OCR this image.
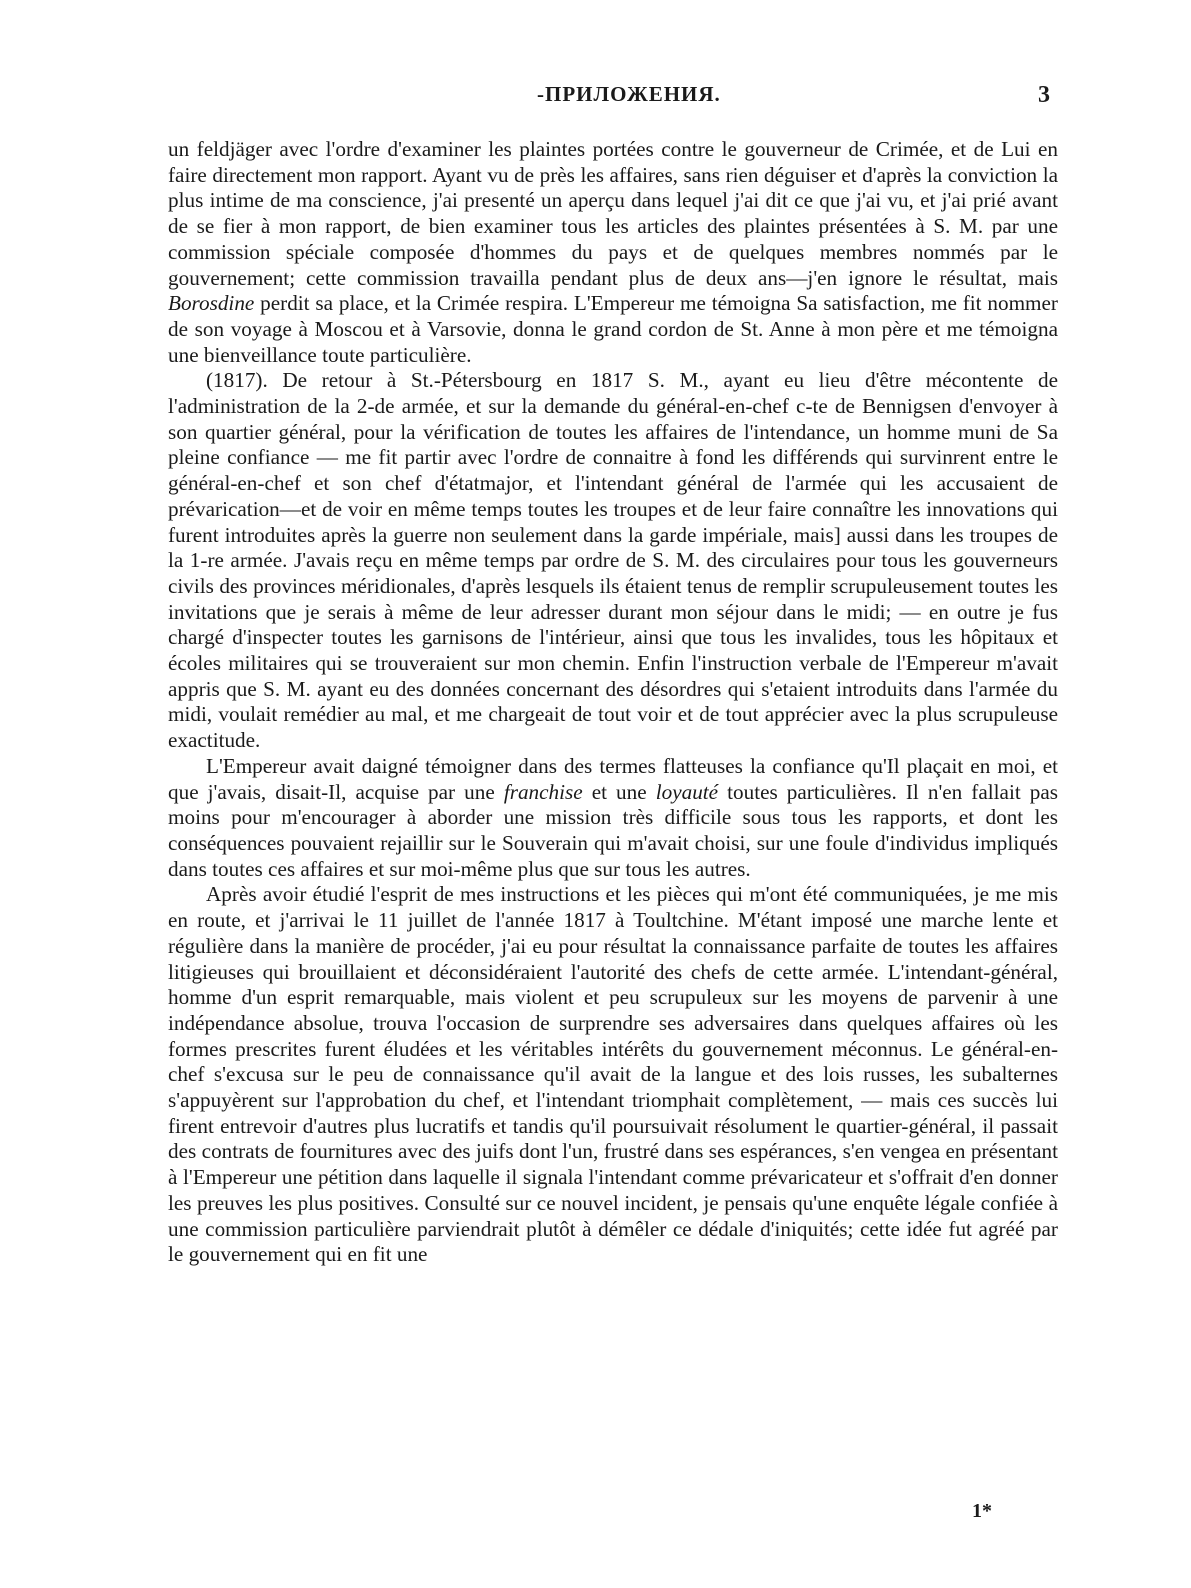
-ПРИЛОЖЕНИЯ.	3

un feldjäger avec l'ordre d'examiner les plaintes portées contre le gouverneur de Crimée, et de Lui en faire directement mon rapport. Ayant vu de près les affaires, sans rien déguiser et d'après la conviction la plus intime de ma conscience, j'ai presenté un aperçu dans lequel j'ai dit ce que j'ai vu, et j'ai prié avant de se fier à mon rapport, de bien examiner tous les articles des plaintes présentées à S. M. par une commission spéciale composée d'hommes du pays et de quelques membres nommés par le gouvernement; cette commission travailla pendant plus de deux ans—j'en ignore le résultat, mais Borosdine perdit sa place, et la Crimée respira. L'Empereur me témoigna Sa satisfaction, me fit nommer de son voyage à Moscou et à Varsovie, donna le grand cordon de St. Anne à mon père et me témoigna une bienveillance toute particulière.

(1817). De retour à St.-Pétersbourg en 1817 S. M., ayant eu lieu d'être mécontente de l'administration de la 2-de armée, et sur la demande du général-en-chef c-te de Bennigsen d'envoyer à son quartier général, pour la vérification de toutes les affaires de l'intendance, un homme muni de Sa pleine confiance — me fit partir avec l'ordre de connaitre à fond les différends qui survinrent entre le général-en-chef et son chef d'étatmajor, et l'intendant général de l'armée qui les accusaient de prévarication—et de voir en même temps toutes les troupes et de leur faire connaître les innovations qui furent introduites après la guerre non seulement dans la garde impériale, mais] aussi dans les troupes de la 1-re armée. J'avais reçu en même temps par ordre de S. M. des circulaires pour tous les gouverneurs civils des provinces méridionales, d'après lesquels ils étaient tenus de remplir scrupuleusement toutes les invitations que je serais à même de leur adresser durant mon séjour dans le midi; — en outre je fus chargé d'inspecter toutes les garnisons de l'intérieur, ainsi que tous les invalides, tous les hôpitaux et écoles militaires qui se trouveraient sur mon chemin. Enfin l'instruction verbale de l'Empereur m'avait appris que S. M. ayant eu des données concernant des désordres qui s'etaient introduits dans l'armée du midi, voulait remédier au mal, et me chargeait de tout voir et de tout apprécier avec la plus scrupuleuse exactitude.

L'Empereur avait daigné témoigner dans des termes flatteuses la confiance qu'Il plaçait en moi, et que j'avais, disait-Il, acquise par une franchise et une loyauté toutes particulières. Il n'en fallait pas moins pour m'encourager à aborder une mission très difficile sous tous les rapports, et dont les conséquences pouvaient rejaillir sur le Souverain qui m'avait choisi, sur une foule d'individus impliqués dans toutes ces affaires et sur moi-même plus que sur tous les autres.

Après avoir étudié l'esprit de mes instructions et les pièces qui m'ont été communiquées, je me mis en route, et j'arrivai le 11 juillet de l'année 1817 à Toultchine. M'étant imposé une marche lente et régulière dans la manière de procéder, j'ai eu pour résultat la connaissance parfaite de toutes les affaires litigieuses qui brouillaient et déconsidéraient l'autorité des chefs de cette armée. L'intendant-général, homme d'un esprit remarquable, mais violent et peu scrupuleux sur les moyens de parvenir à une indépendance absolue, trouva l'occasion de surprendre ses adversaires dans quelques affaires où les formes prescrites furent éludées et les véritables intérêts du gouvernement méconnus. Le général-en-chef s'excusa sur le peu de connaissance qu'il avait de la langue et des lois russes, les subalternes s'appuyèrent sur l'approbation du chef, et l'intendant triomphait complètement, — mais ces succès lui firent entrevoir d'autres plus lucratifs et tandis qu'il poursuivait résolument le quartier-général, il passait des contrats de fournitures avec des juifs dont l'un, frustré dans ses espérances, s'en vengea en présentant à l'Empereur une pétition dans laquelle il signala l'intendant comme prévaricateur et s'offrait d'en donner les preuves les plus positives. Consulté sur ce nouvel incident, je pensais qu'une enquête légale confiée à une commission particulière parviendrait plutôt à démêler ce dédale d'iniquités; cette idée fut agréé par le gouvernement qui en fit une

1*
